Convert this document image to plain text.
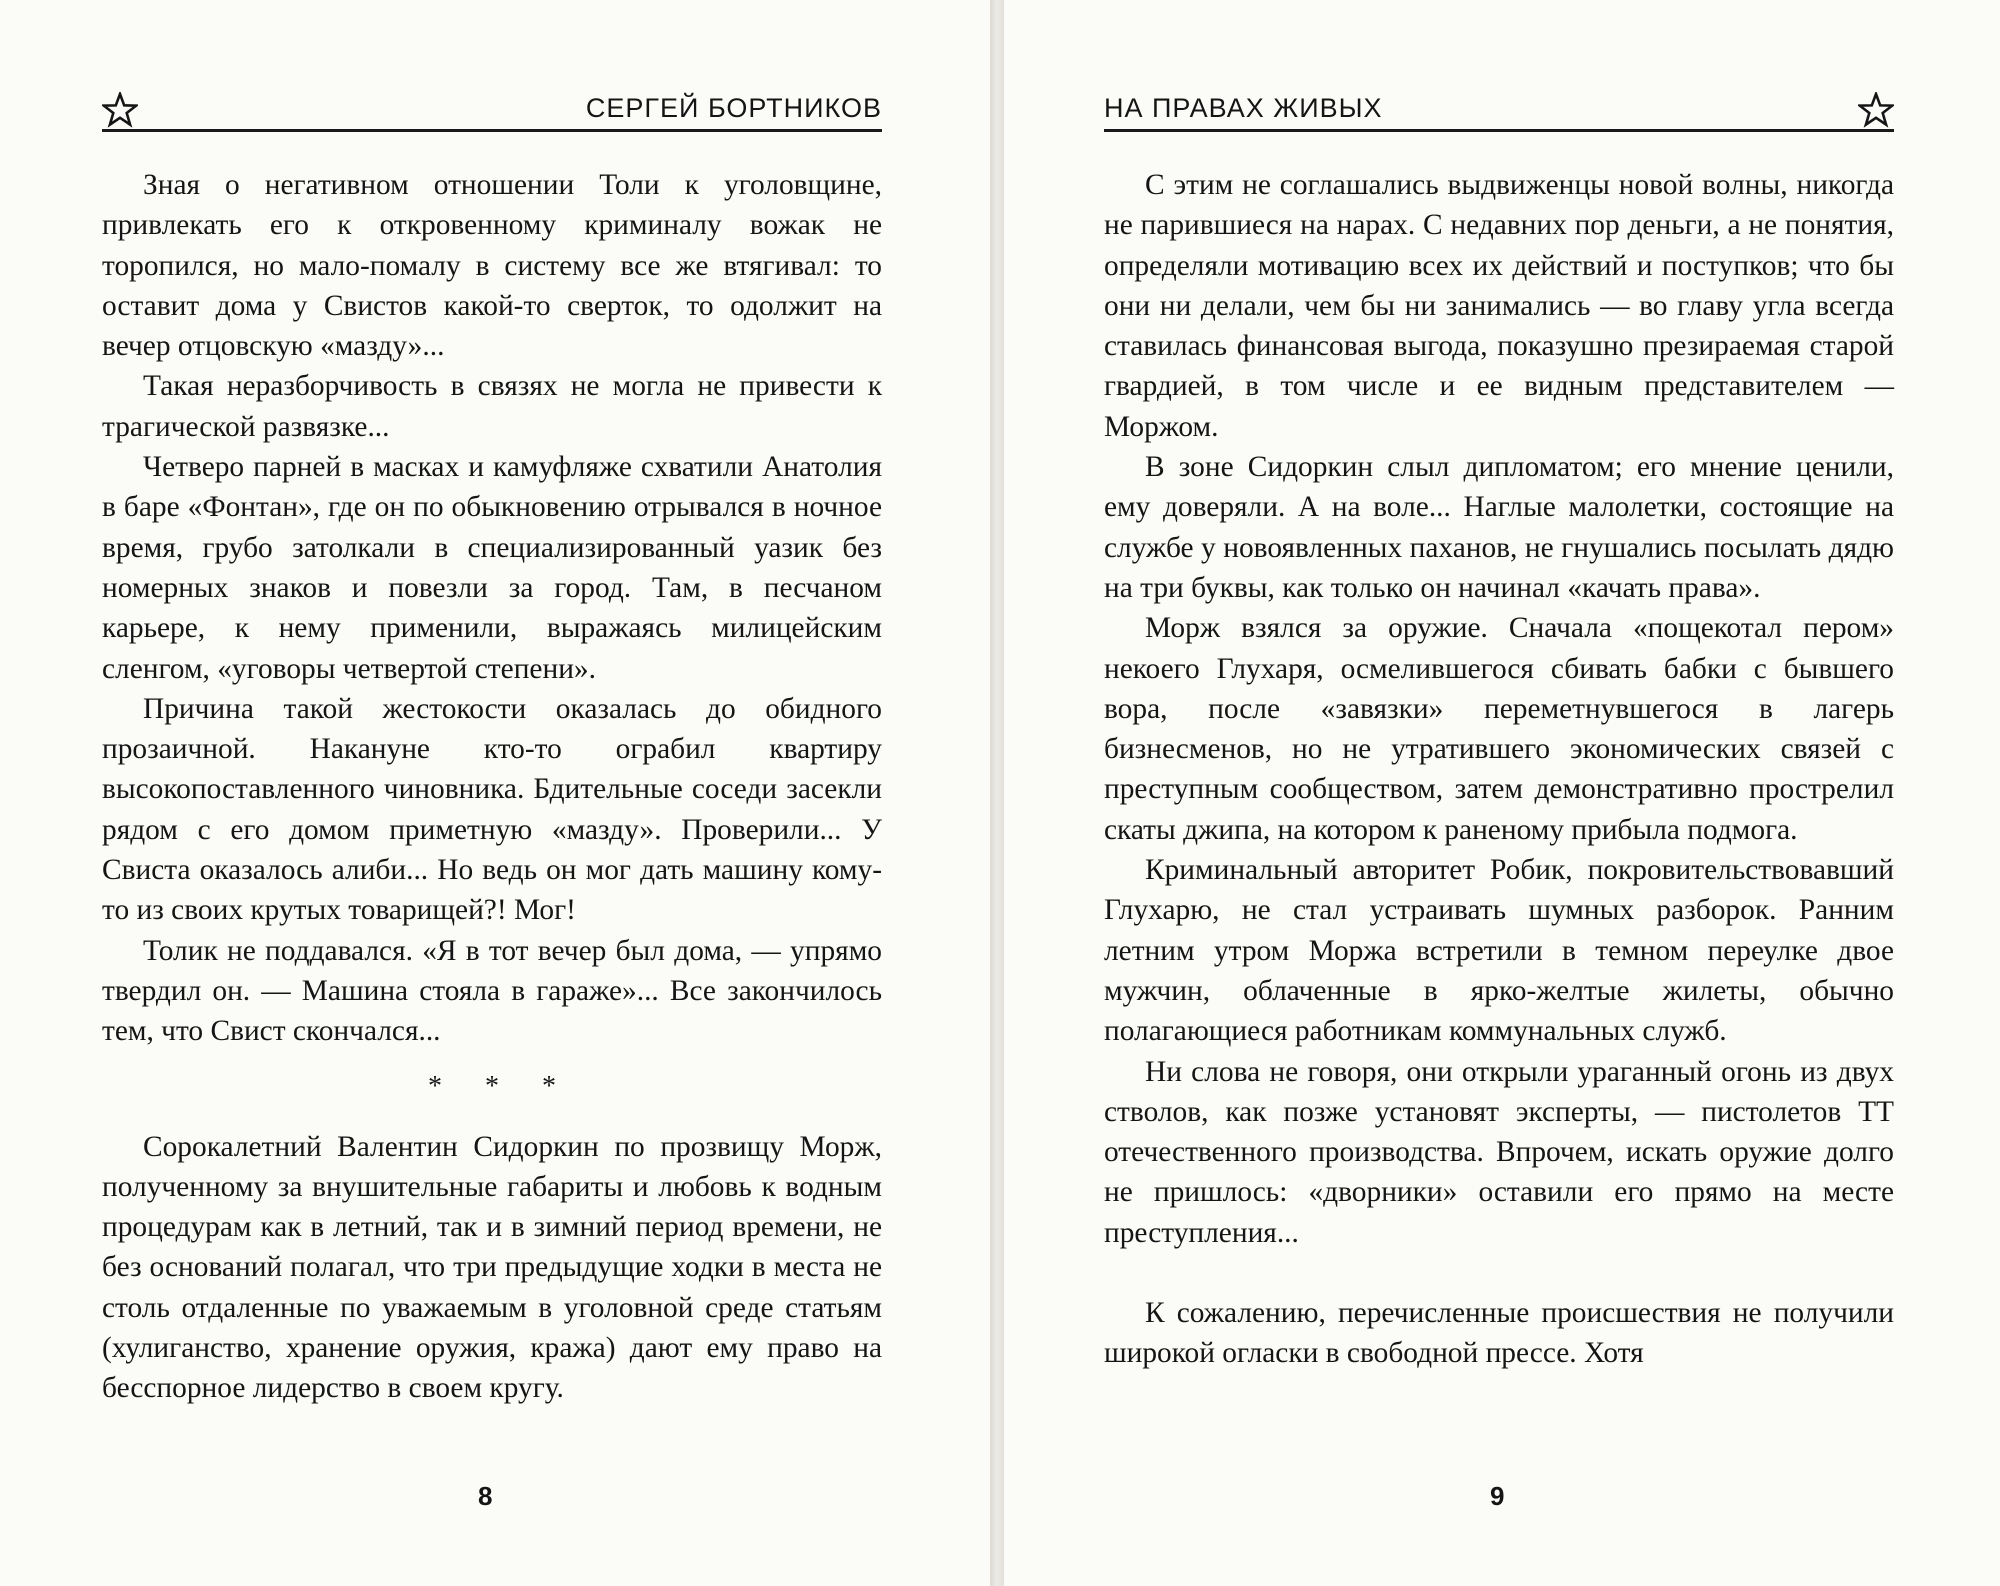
СЕРГЕЙ БОРТНИКОВ
Зная о негативном отношении Толи к уголовщине, привлекать его к откровенному криминалу вожак не торопился, но мало-помалу в систему все же втягивал: то оставит дома у Свистов какой-то сверток, то одолжит на вечер отцовскую «мазду»...
Такая неразборчивость в связях не могла не привести к трагической развязке...
Четверо парней в масках и камуфляже схватили Анатолия в баре «Фонтан», где он по обыкновению отрывался в ночное время, грубо затолкали в специализированный уазик без номерных знаков и повезли за город. Там, в песчаном карьере, к нему применили, выражаясь милицейским сленгом, «уговоры четвертой степени».
Причина такой жестокости оказалась до обидного прозаичной. Накануне кто-то ограбил квартиру высокопоставленного чиновника. Бдительные соседи засекли рядом с его домом приметную «мазду». Проверили... У Свиста оказалось алиби... Но ведь он мог дать машину кому-то из своих крутых товарищей?! Мог!
Толик не поддавался. «Я в тот вечер был дома, — упрямо твердил он. — Машина стояла в гараже»... Все закончилось тем, что Свист скончался...
* * *
Сорокалетний Валентин Сидоркин по прозвищу Морж, полученному за внушительные габариты и любовь к водным процедурам как в летний, так и в зимний период времени, не без оснований полагал, что три предыдущие ходки в места не столь отдаленные по уважаемым в уголовной среде статьям (хулиганство, хранение оружия, кража) дают ему право на бесспорное лидерство в своем кругу.
8
НА ПРАВАХ ЖИВЫХ
С этим не соглашались выдвиженцы новой волны, никогда не парившиеся на нарах. С недавних пор деньги, а не понятия, определяли мотивацию всех их действий и поступков; что бы они ни делали, чем бы ни занимались — во главу угла всегда ставилась финансовая выгода, показушно презираемая старой гвардией, в том числе и ее видным представителем — Моржом.
В зоне Сидоркин слыл дипломатом; его мнение ценили, ему доверяли. А на воле... Наглые малолетки, состоящие на службе у новоявленных паханов, не гнушались посылать дядю на три буквы, как только он начинал «качать права».
Морж взялся за оружие. Сначала «пощекотал пером» некоего Глухаря, осмелившегося сбивать бабки с бывшего вора, после «завязки» переметнувшегося в лагерь бизнесменов, но не утратившего экономических связей с преступным сообществом, затем демонстративно прострелил скаты джипа, на котором к раненому прибыла подмога.
Криминальный авторитет Робик, покровительствовавший Глухарю, не стал устраивать шумных разборок. Ранним летним утром Моржа встретили в темном переулке двое мужчин, облаченные в ярко-желтые жилеты, обычно полагающиеся работникам коммунальных служб.
Ни слова не говоря, они открыли ураганный огонь из двух стволов, как позже установят эксперты, — пистолетов ТТ отечественного производства. Впрочем, искать оружие долго не пришлось: «дворники» оставили его прямо на месте преступления...
К сожалению, перечисленные происшествия не получили широкой огласки в свободной прессе. Хотя
9
